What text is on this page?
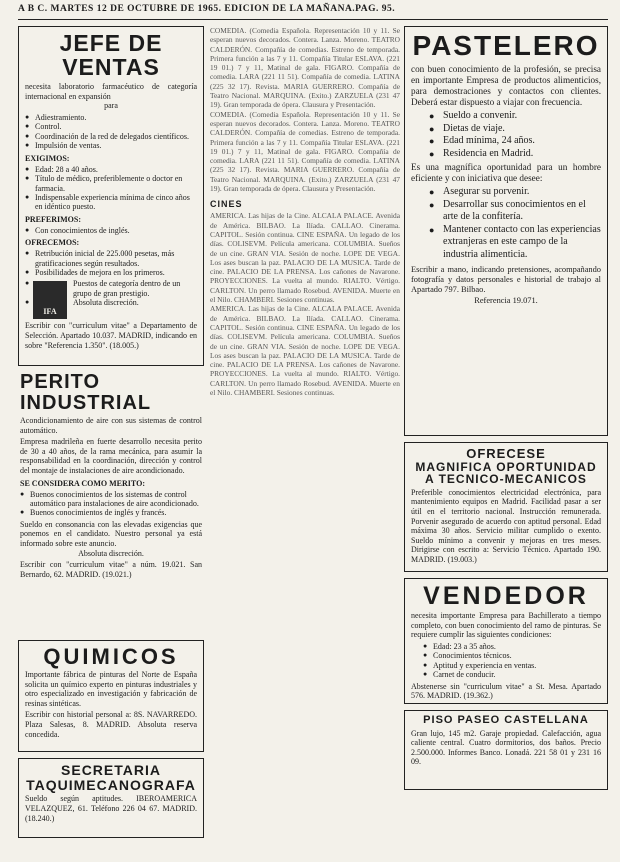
A B C. MARTES 12 DE OCTUBRE DE 1965. EDICION DE LA MAÑANA.PAG. 95.
JEFE DE VENTAS
necesita laboratorio farmacéutico de categoría internacional en expansión
para
● Adiestramiento.
● Control.
● Coordinación de la red de delegados científicos.
● Impulsión de ventas.
EXIGIMOS:
● Edad: 28 a 40 años.
● Título de médico, preferiblemente o doctor en farmacia.
● Indispensable experiencia mínima de cinco años en idéntico puesto.
PREFERIMOS:
● Con conocimientos de inglés.
OFRECEMOS:
● Retribución inicial de 225.000 pesetas, más gratificaciones según resultados.
● Posibilidades de mejora en los primeros.
IFA
● Puestos de categoría dentro de un grupo de gran prestigio.
● Absoluta discreción.
Escribir con "curriculum vitae" a Departamento de Selección. Apartado 10.037. MADRID, indicando en sobre "Referencia 1.350". (18.005.)
PERITO INDUSTRIAL
Acondicionamiento de aire con sus sistemas de control automático.
Empresa madrileña en fuerte desarrollo necesita perito de 30 a 40 años, de la rama mecánica, para asumir la responsabilidad en la coordinación, dirección y control del montaje de instalaciones de aire acondicionado.
SE CONSIDERA COMO MERITO:
● Buenos conocimientos de los sistemas de control automático para instalaciones de aire acondicionado.
● Buenos conocimientos de inglés y francés.
Sueldo en consonancia con las elevadas exigencias que ponemos en el candidato. Nuestro personal ya está informado sobre este anuncio.
Absoluta discreción.
Escribir con "curriculum vitae" a núm. 19.021. San Bernardo, 62. MADRID. (19.021.)
QUIMICOS
Importante fábrica de pinturas del Norte de España solicita un químico experto en pinturas industriales y otro especializado en investigación y fabricación de resinas sintéticas.
Escribir con historial personal a: 8S. NAVARREDO. Plaza Salesas, 8. MADRID. Absoluta reserva concedida.
SECRETARIA
TAQUIMECANOGRAFA
Sueldo según aptitudes. IBEROAMERICA VELAZQUEZ, 61. Teléfono 226 04 67. MADRID. (18.240.)
COMEDIA. (Comedia Española. Representación 10 y 11. Se esperan nuevos decorados. Contera. Lanza. Moreno. TEATRO CALDERÓN. Compañía de comedias. Estreno de temporada. Primera función a las 7 y 11. Compañía Titular ESLAVA. (221 19 01.) 7 y 11, Matinal de gala. FIGARO. Compañía de comedia. LARA (221 11 51). Compañía de comedia. LATINA (225 32 17). Revista. MARIA GUERRERO. Compañía de Teatro Nacional. MARQUINA. (Exito.) ZARZUELA (231 47 19). Gran temporada de ópera. Clausura y Presentación.
COMEDIA. (Comedia Española. Representación 10 y 11. Se esperan nuevos decorados. Contera. Lanza. Moreno. TEATRO CALDERÓN. Compañía de comedias. Estreno de temporada. Primera función a las 7 y 11. Compañía Titular ESLAVA. (221 19 01.) 7 y 11, Matinal de gala. FIGARO. Compañía de comedia. LARA (221 11 51). Compañía de comedia. LATINA (225 32 17). Revista. MARIA GUERRERO. Compañía de Teatro Nacional. MARQUINA. (Exito.) ZARZUELA (231 47 19). Gran temporada de ópera. Clausura y Presentación.
CINES
AMERICA. Las hijas de la Cine. ALCALA PALACE. Avenida de América. BILBAO. La Ilíada. CALLAO. Cinerama. CAPITOL. Sesión continua. CINE ESPAÑA. Un legado de los días. COLISEVM. Película americana. COLUMBIA. Sueños de un cine. GRAN VIA. Sesión de noche. LOPE DE VEGA. Los ases buscan la paz. PALACIO DE LA MUSICA. Tarde de cine. PALACIO DE LA PRENSA. Los cañones de Navarone. PROYECCIONES. La vuelta al mundo. RIALTO. Vértigo. CARLTON. Un perro llamado Rosebud. AVENIDA. Muerte en el Nilo. CHAMBERI. Sesiones continuas.
AMERICA. Las hijas de la Cine. ALCALA PALACE. Avenida de América. BILBAO. La Ilíada. CALLAO. Cinerama. CAPITOL. Sesión continua. CINE ESPAÑA. Un legado de los días. COLISEVM. Película americana. COLUMBIA. Sueños de un cine. GRAN VIA. Sesión de noche. LOPE DE VEGA. Los ases buscan la paz. PALACIO DE LA MUSICA. Tarde de cine. PALACIO DE LA PRENSA. Los cañones de Navarone. PROYECCIONES. La vuelta al mundo. RIALTO. Vértigo. CARLTON. Un perro llamado Rosebud. AVENIDA. Muerte en el Nilo. CHAMBERI. Sesiones continuas.
PASTELERO
con buen conocimiento de la profesión, se precisa en importante Empresa de productos alimenticios, para demostraciones y contactos con clientes. Deberá estar dispuesto a viajar con frecuencia.
● Sueldo a convenir.
● Dietas de viaje.
● Edad mínima, 24 años.
● Residencia en Madrid.
Es una magnífica oportunidad para un hombre eficiente y con iniciativa que desee:
● Asegurar su porvenir.
● Desarrollar sus conocimientos en el arte de la confitería.
● Mantener contacto con las experiencias extranjeras en este campo de la industria alimenticia.
Escribir a mano, indicando pretensiones, acompañando fotografía y datos personales e historial de trabajo al Apartado 797. Bilbao.
Referencia 19.071.
OFRECESE
MAGNIFICA OPORTUNIDAD
A TECNICO-MECANICOS
Preferible conocimientos electricidad electrónica, para mantenimiento equipos en Madrid. Facilidad pasar a ser útil en el territorio nacional. Instrucción remunerada. Porvenir asegurado de acuerdo con aptitud personal. Edad máxima 30 años. Servicio militar cumplido o exento. Sueldo mínimo a convenir y mejoras en tres meses. Dirigirse con escrito a: Servicio Técnico. Apartado 190. MADRID. (19.003.)
VENDEDOR
necesita importante Empresa para Bachillerato a tiempo completo, con buen conocimiento del ramo de pinturas. Se requiere cumplir las siguientes condiciones:
● Edad: 23 a 35 años.
● Conocimientos técnicos.
● Aptitud y experiencia en ventas.
● Carnet de conducir.
Abstenerse sin "curriculum vitae" a St. Mesa. Apartado 576. MADRID. (19.362.)
PISO PASEO CASTELLANA
Gran lujo, 145 m2. Garaje propiedad. Calefacción, agua caliente central. Cuatro dormitorios, dos baños. Precio 2.500.000. Informes Banco. Lonadá. 221 58 01 y 231 16 09.
